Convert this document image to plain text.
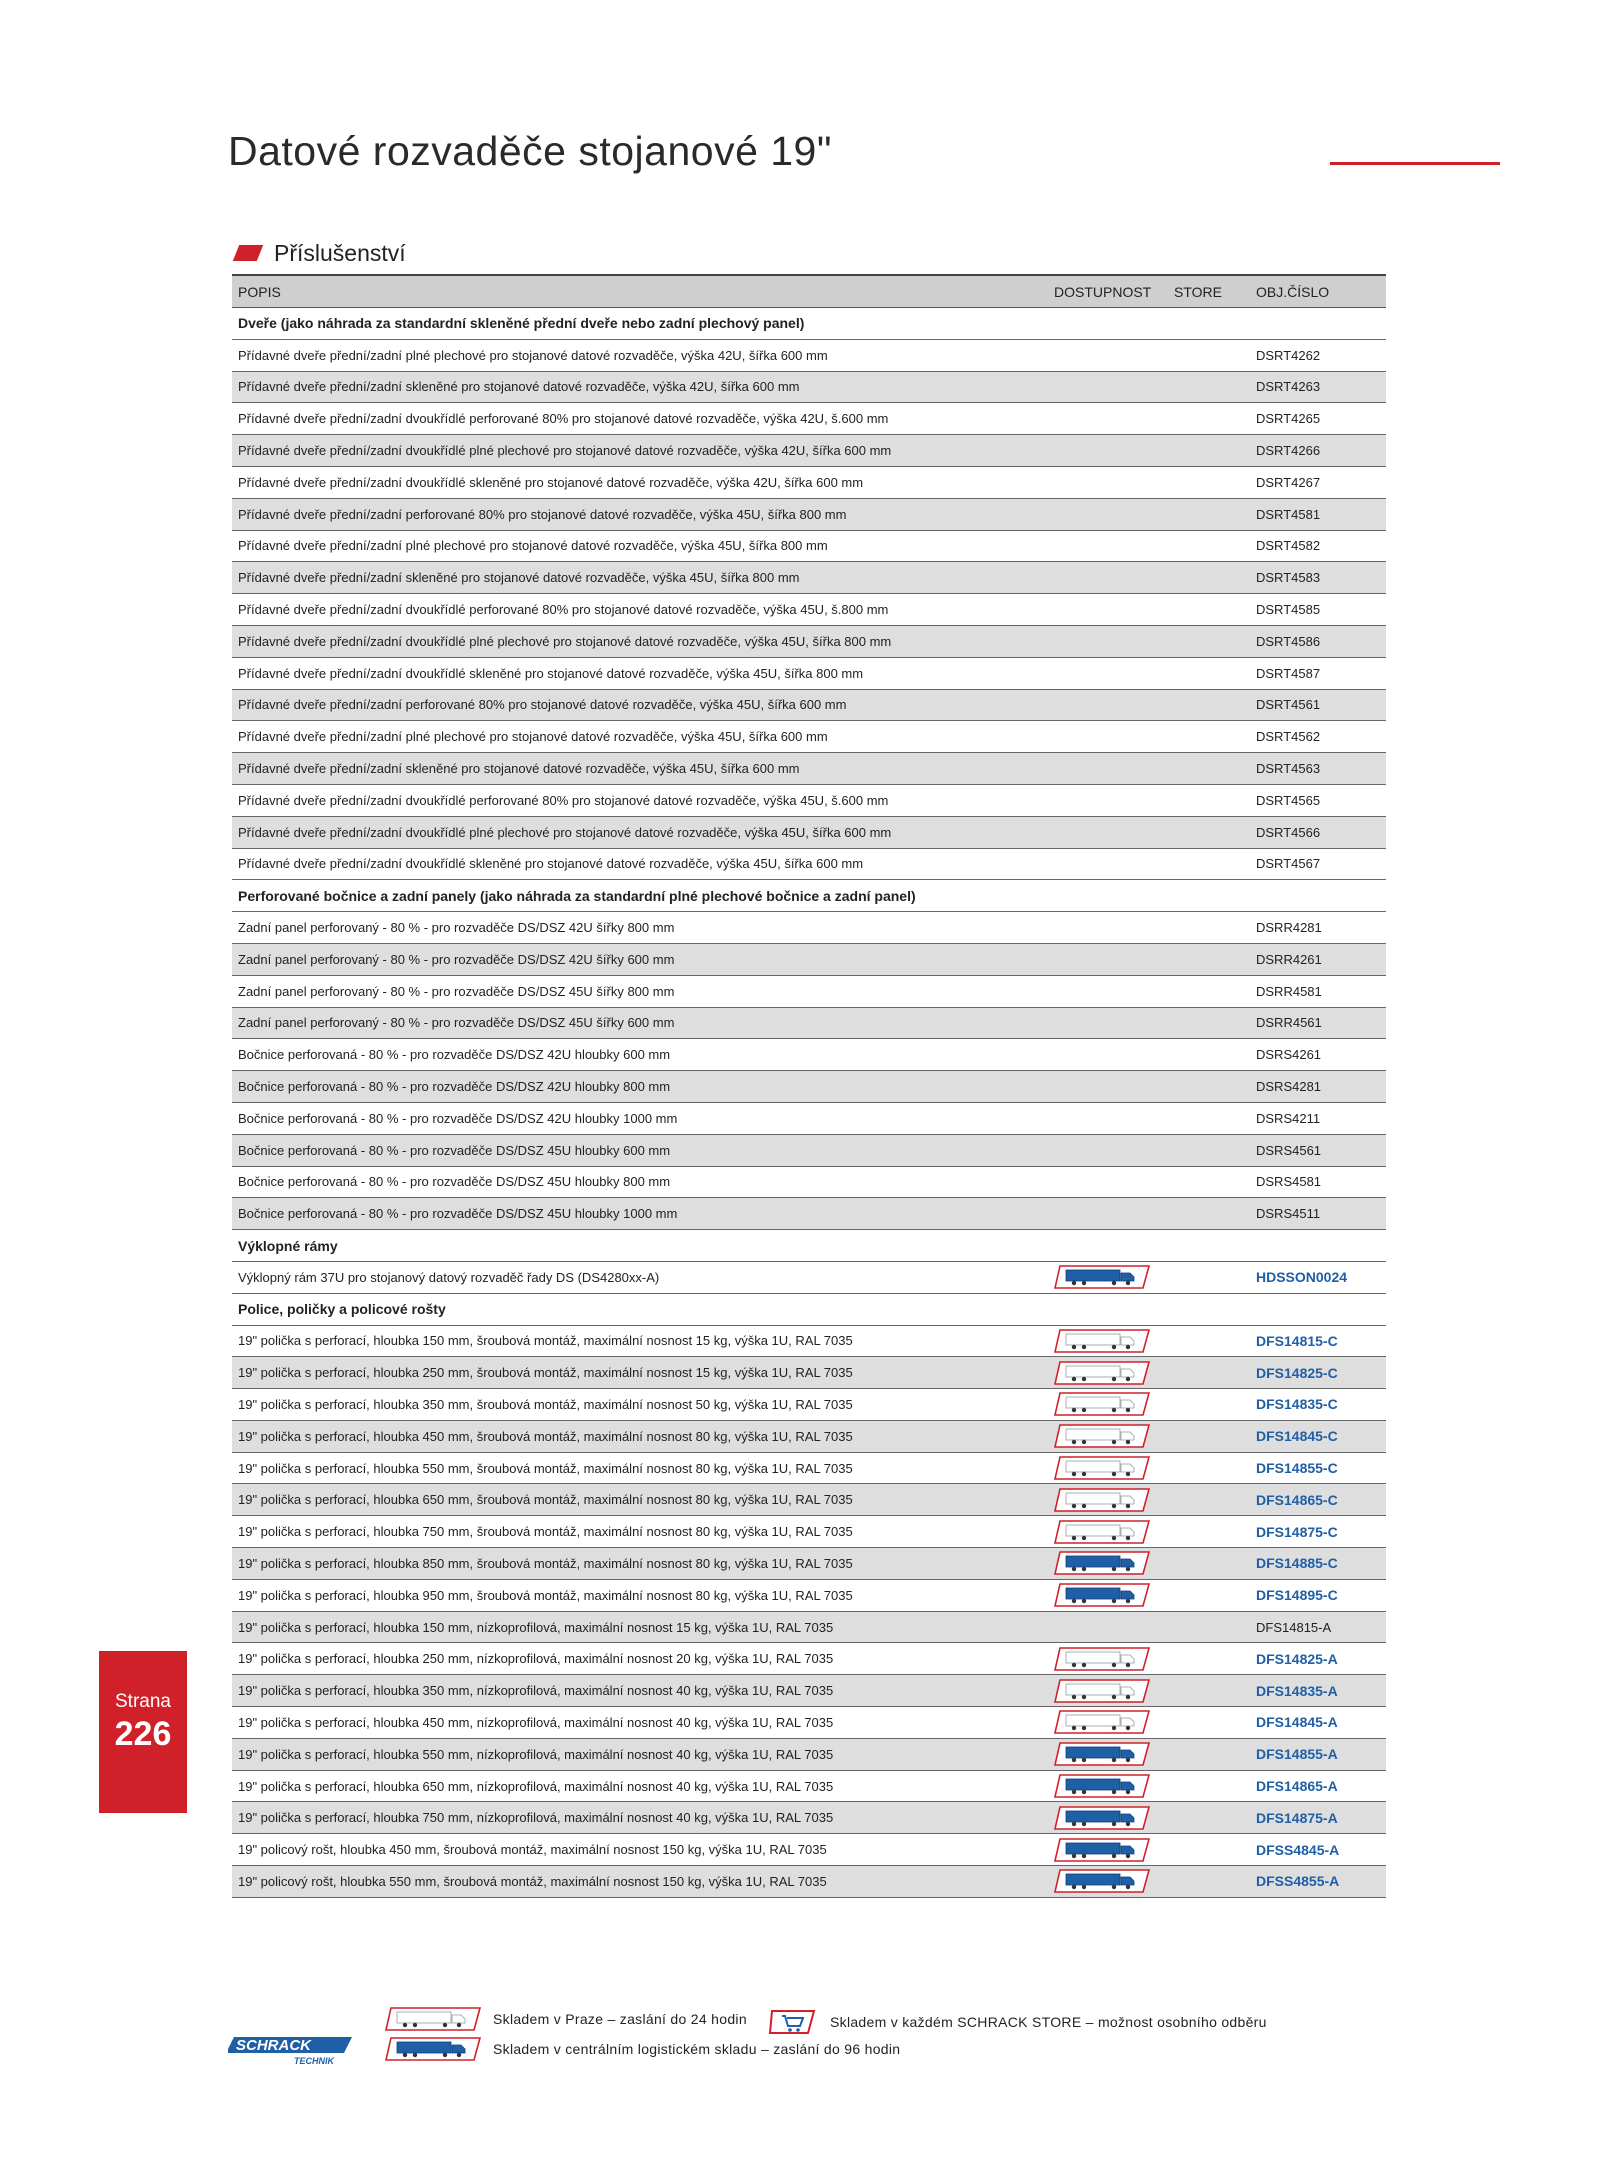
Datové rozvaděče stojanové 19"
Příslušenství
POPIS	DOSTUPNOST	STORE	OBJ.ČÍSLO
Dveře (jako náhrada za standardní skleněné přední dveře nebo zadní plechový panel)
Přídavné dveře přední/zadní plné plechové pro stojanové datové rozvaděče, výška 42U, šířka 600 mm	DSRT4262
Přídavné dveře přední/zadní skleněné pro stojanové datové rozvaděče, výška 42U, šířka 600 mm	DSRT4263
Přídavné dveře přední/zadní dvoukřídlé perforované 80% pro stojanové datové rozvaděče, výška 42U, š.600 mm	DSRT4265
Přídavné dveře přední/zadní dvoukřídlé plné plechové pro stojanové datové rozvaděče, výška 42U, šířka 600 mm	DSRT4266
Přídavné dveře přední/zadní dvoukřídlé skleněné pro stojanové datové rozvaděče, výška 42U, šířka 600 mm	DSRT4267
Přídavné dveře přední/zadní perforované 80% pro stojanové datové rozvaděče, výška 45U, šířka 800 mm	DSRT4581
Přídavné dveře přední/zadní plné plechové pro stojanové datové rozvaděče, výška 45U, šířka 800 mm	DSRT4582
Přídavné dveře přední/zadní skleněné pro stojanové datové rozvaděče, výška 45U, šířka 800 mm	DSRT4583
Přídavné dveře přední/zadní dvoukřídlé perforované 80% pro stojanové datové rozvaděče, výška 45U, š.800 mm	DSRT4585
Přídavné dveře přední/zadní dvoukřídlé plné plechové pro stojanové datové rozvaděče, výška 45U, šířka 800 mm	DSRT4586
Přídavné dveře přední/zadní dvoukřídlé skleněné pro stojanové datové rozvaděče, výška 45U, šířka 800 mm	DSRT4587
Přídavné dveře přední/zadní perforované 80% pro stojanové datové rozvaděče, výška 45U, šířka 600 mm	DSRT4561
Přídavné dveře přední/zadní plné plechové pro stojanové datové rozvaděče, výška 45U, šířka 600 mm	DSRT4562
Přídavné dveře přední/zadní skleněné pro stojanové datové rozvaděče, výška 45U, šířka 600 mm	DSRT4563
Přídavné dveře přední/zadní dvoukřídlé perforované 80% pro stojanové datové rozvaděče, výška 45U, š.600 mm	DSRT4565
Přídavné dveře přední/zadní dvoukřídlé plné plechové pro stojanové datové rozvaděče, výška 45U, šířka 600 mm	DSRT4566
Přídavné dveře přední/zadní dvoukřídlé skleněné pro stojanové datové rozvaděče, výška 45U, šířka 600 mm	DSRT4567
Perforované bočnice a zadní panely (jako náhrada za standardní plné plechové bočnice a zadní panel)
Zadní panel perforovaný - 80 % - pro rozvaděče DS/DSZ 42U šířky 800 mm	DSRR4281
Zadní panel perforovaný - 80 % - pro rozvaděče DS/DSZ 42U šířky 600 mm	DSRR4261
Zadní panel perforovaný - 80 % - pro rozvaděče DS/DSZ 45U šířky 800 mm	DSRR4581
Zadní panel perforovaný - 80 % - pro rozvaděče DS/DSZ 45U šířky 600 mm	DSRR4561
Bočnice perforovaná - 80 % - pro rozvaděče DS/DSZ 42U hloubky 600 mm	DSRS4261
Bočnice perforovaná - 80 % - pro rozvaděče DS/DSZ 42U hloubky 800 mm	DSRS4281
Bočnice perforovaná - 80 % - pro rozvaděče DS/DSZ 42U hloubky 1000 mm	DSRS4211
Bočnice perforovaná - 80 % - pro rozvaděče DS/DSZ 45U hloubky 600 mm	DSRS4561
Bočnice perforovaná - 80 % - pro rozvaděče DS/DSZ 45U hloubky 800 mm	DSRS4581
Bočnice perforovaná - 80 % - pro rozvaděče DS/DSZ 45U hloubky 1000 mm	DSRS4511
Výklopné rámy
Výklopný rám 37U pro stojanový datový rozvaděč řady DS (DS4280xx-A)	HDSSON0024
Police, poličky a policové rošty
19" polička s perforací, hloubka 150 mm, šroubová montáž, maximální nosnost 15 kg, výška 1U, RAL 7035	DFS14815-C
19" polička s perforací, hloubka 250 mm, šroubová montáž, maximální nosnost 15 kg, výška 1U, RAL 7035	DFS14825-C
19" polička s perforací, hloubka 350 mm, šroubová montáž, maximální nosnost 50 kg, výška 1U, RAL 7035	DFS14835-C
19" polička s perforací, hloubka 450 mm, šroubová montáž, maximální nosnost 80 kg, výška 1U, RAL 7035	DFS14845-C
19" polička s perforací, hloubka 550 mm, šroubová montáž, maximální nosnost 80 kg, výška 1U, RAL 7035	DFS14855-C
19" polička s perforací, hloubka 650 mm, šroubová montáž, maximální nosnost 80 kg, výška 1U, RAL 7035	DFS14865-C
19" polička s perforací, hloubka 750 mm, šroubová montáž, maximální nosnost 80 kg, výška 1U, RAL 7035	DFS14875-C
19" polička s perforací, hloubka 850 mm, šroubová montáž, maximální nosnost 80 kg, výška 1U, RAL 7035	DFS14885-C
19" polička s perforací, hloubka 950 mm, šroubová montáž, maximální nosnost 80 kg, výška 1U, RAL 7035	DFS14895-C
19" polička s perforací, hloubka 150 mm, nízkoprofilová, maximální nosnost 15 kg, výška 1U, RAL 7035	DFS14815-A
19" polička s perforací, hloubka 250 mm, nízkoprofilová, maximální nosnost 20 kg, výška 1U, RAL 7035	DFS14825-A
19" polička s perforací, hloubka 350 mm, nízkoprofilová, maximální nosnost 40 kg, výška 1U, RAL 7035	DFS14835-A
19" polička s perforací, hloubka 450 mm, nízkoprofilová, maximální nosnost 40 kg, výška 1U, RAL 7035	DFS14845-A
19" polička s perforací, hloubka 550 mm, nízkoprofilová, maximální nosnost 40 kg, výška 1U, RAL 7035	DFS14855-A
19" polička s perforací, hloubka 650 mm, nízkoprofilová, maximální nosnost 40 kg, výška 1U, RAL 7035	DFS14865-A
19" polička s perforací, hloubka 750 mm, nízkoprofilová, maximální nosnost 40 kg, výška 1U, RAL 7035	DFS14875-A
19" policový rošt, hloubka 450 mm, šroubová montáž, maximální nosnost 150 kg, výška 1U, RAL 7035	DFSS4845-A
19" policový rošt, hloubka 550 mm, šroubová montáž, maximální nosnost 150 kg, výška 1U, RAL 7035	DFSS4855-A
Strana
226
SCHRACK
TECHNIK
Skladem v Praze – zaslání do 24 hodin	Skladem v každém SCHRACK STORE – možnost osobního odběru
Skladem v centrálním logistickém skladu – zaslání do 96 hodin
